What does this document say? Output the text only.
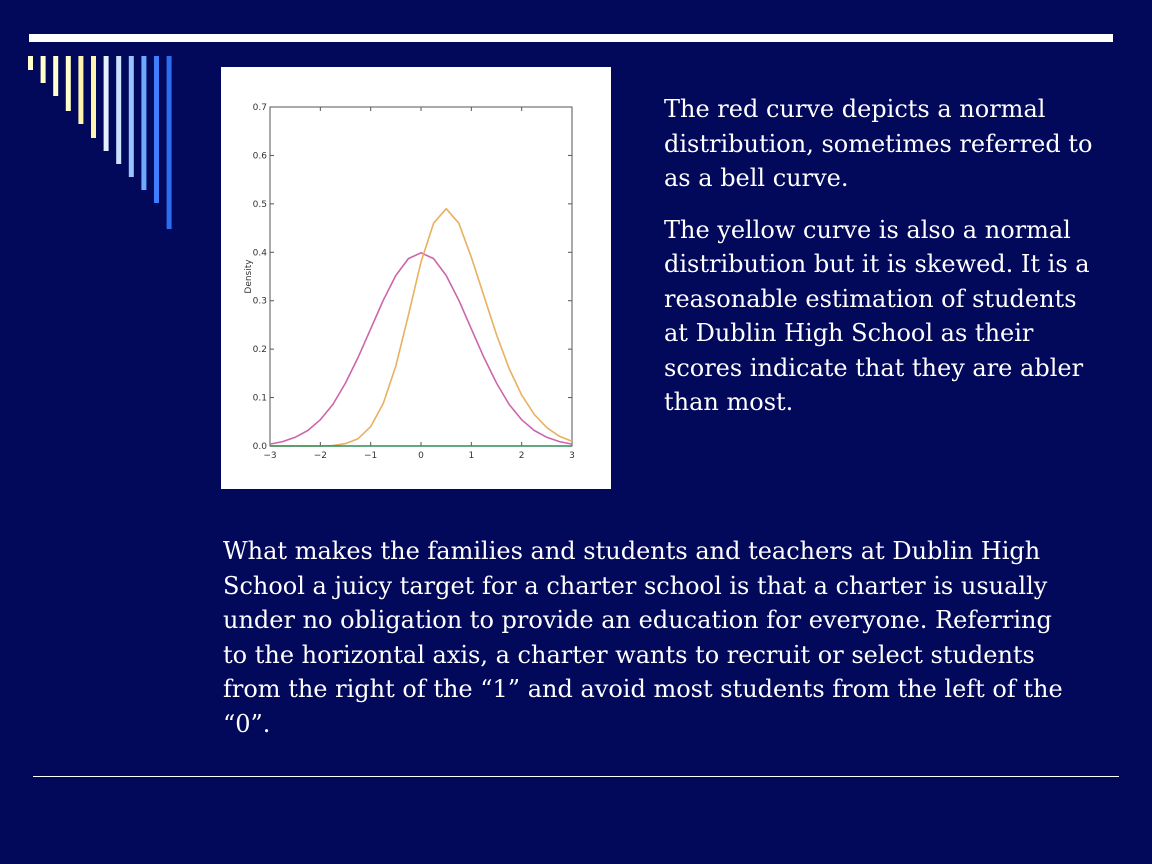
0.0
0.1
0.2
0.3
0.4
0.5
0.6
0.7
−3	−2	−1	0	1	2	3
Density

The red curve depicts a normal distribution, sometimes referred to as a bell curve.

The yellow curve is also a normal distribution but it is skewed. It is a reasonable estimation of students at Dublin High School as their scores indicate that they are abler than most.

What makes the families and students and teachers at Dublin High School a juicy target for a charter school is that a charter is usually under no obligation to provide an education for everyone. Referring to the horizontal axis, a charter wants to recruit or select students from the right of the “1” and avoid most students from the left of the “0”.
